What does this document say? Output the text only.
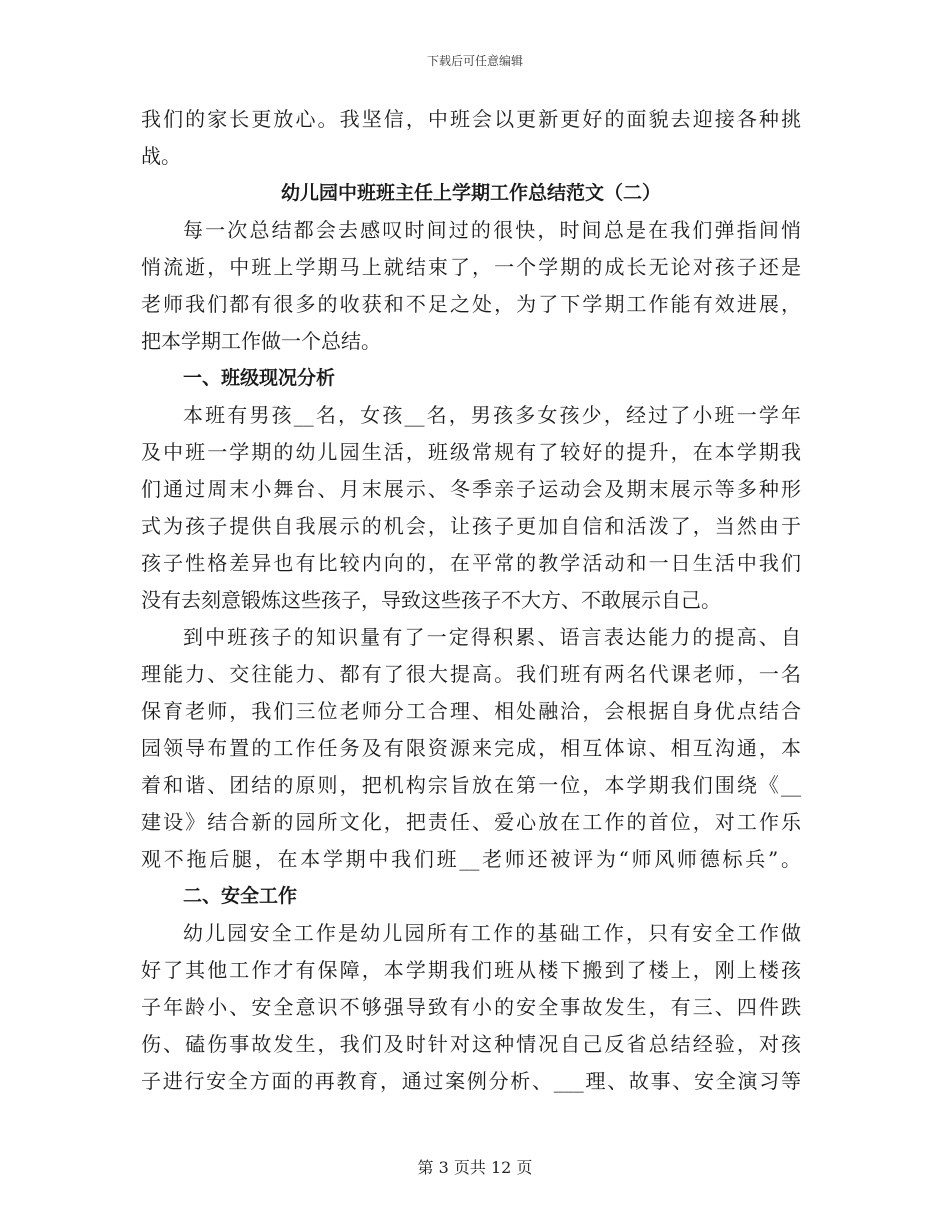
下载后可任意编辑
我们的家长更放心。我坚信，中班会以更新更好的面貌去迎接各种挑
战。
幼儿园中班班主任上学期工作总结范文（二）
每一次总结都会去感叹时间过的很快，时间总是在我们弹指间悄
悄流逝，中班上学期马上就结束了，一个学期的成长无论对孩子还是
老师我们都有很多的收获和不足之处，为了下学期工作能有效进展，
把本学期工作做一个总结。
一、班级现况分析
本班有男孩__名，女孩__名，男孩多女孩少，经过了小班一学年
及中班一学期的幼儿园生活，班级常规有了较好的提升，在本学期我
们通过周末小舞台、月末展示、冬季亲子运动会及期末展示等多种形
式为孩子提供自我展示的机会，让孩子更加自信和活泼了，当然由于
孩子性格差异也有比较内向的，在平常的教学活动和一日生活中我们
没有去刻意锻炼这些孩子，导致这些孩子不大方、不敢展示自己。
到中班孩子的知识量有了一定得积累、语言表达能力的提高、自
理能力、交往能力、都有了很大提高。我们班有两名代课老师，一名
保育老师，我们三位老师分工合理、相处融洽，会根据自身优点结合
园领导布置的工作任务及有限资源来完成，相互体谅、相互沟通，本
着和谐、团结的原则，把机构宗旨放在第一位，本学期我们围绕《__
建设》结合新的园所文化，把责任、爱心放在工作的首位，对工作乐
观不拖后腿，在本学期中我们班__老师还被评为“师风师德标兵”。
二、安全工作
幼儿园安全工作是幼儿园所有工作的基础工作，只有安全工作做
好了其他工作才有保障，本学期我们班从楼下搬到了楼上，刚上楼孩
子年龄小、安全意识不够强导致有小的安全事故发生，有三、四件跌
伤、磕伤事故发生，我们及时针对这种情况自己反省总结经验，对孩
子进行安全方面的再教育，通过案例分析、___理、故事、安全演习等
第 3 页共 12 页
